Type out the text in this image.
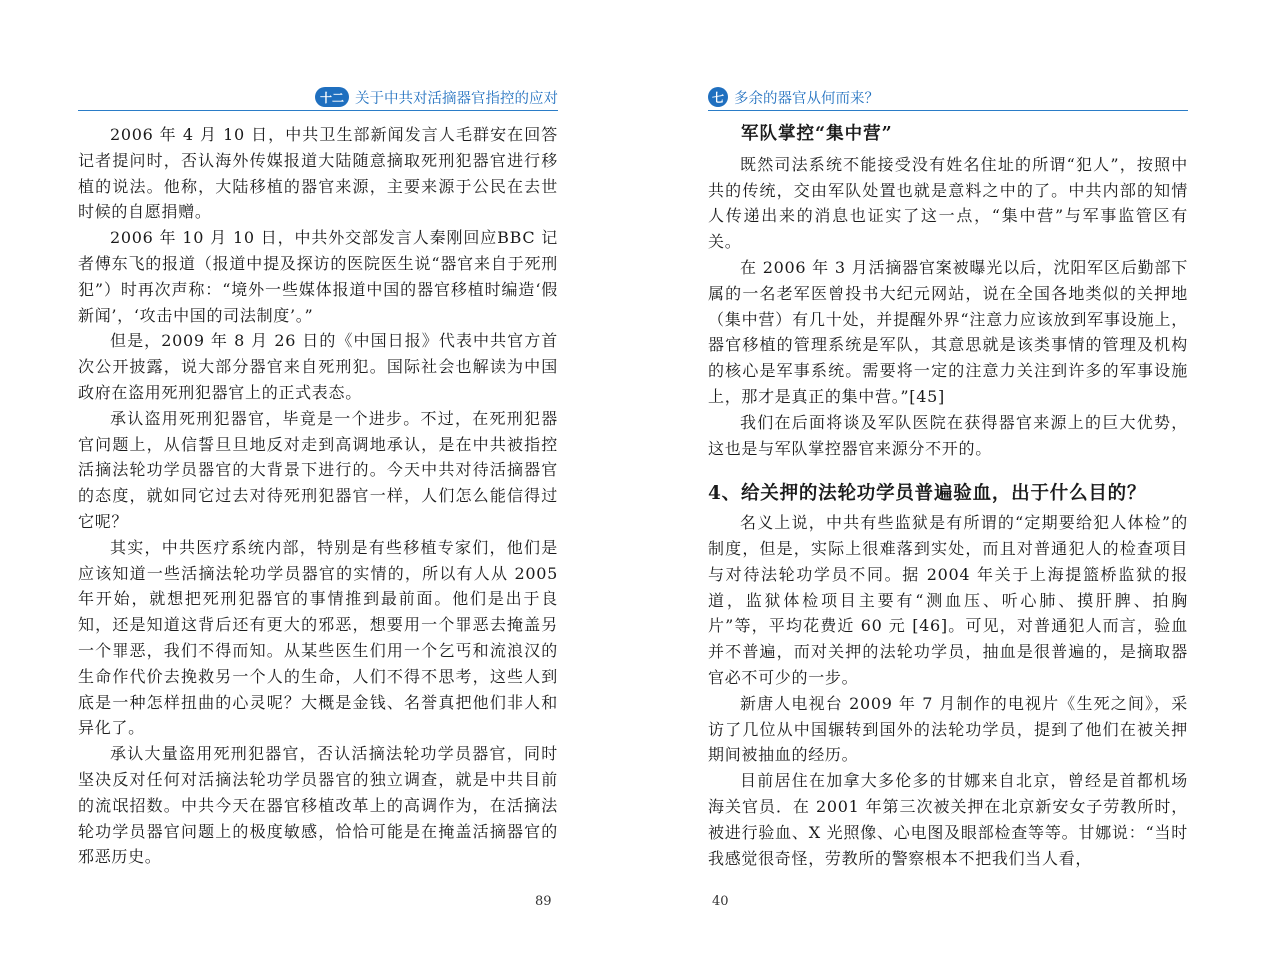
十二 关于中共对活摘器官指控的应对

2006 年 4 月 10 日，中共卫生部新闻发言人毛群安在回答记者提问时，否认海外传媒报道大陆随意摘取死刑犯器官进行移植的说法。他称，大陆移植的器官来源，主要来源于公民在去世时候的自愿捐赠。

2006 年 10 月 10 日，中共外交部发言人秦刚回应BBC 记者傅东飞的报道（报道中提及探访的医院医生说“器官来自于死刑犯”）时再次声称：“境外一些媒体报道中国的器官移植时编造‘假新闻’，‘攻击中国的司法制度’。”

但是，2009 年 8 月 26 日的《中国日报》代表中共官方首次公开披露，说大部分器官来自死刑犯。国际社会也解读为中国政府在盗用死刑犯器官上的正式表态。

承认盗用死刑犯器官，毕竟是一个进步。不过，在死刑犯器官问题上，从信誓旦旦地反对走到高调地承认，是在中共被指控活摘法轮功学员器官的大背景下进行的。今天中共对待活摘器官的态度，就如同它过去对待死刑犯器官一样，人们怎么能信得过它呢？

其实，中共医疗系统内部，特别是有些移植专家们，他们是应该知道一些活摘法轮功学员器官的实情的，所以有人从 2005 年开始，就想把死刑犯器官的事情推到最前面。他们是出于良知，还是知道这背后还有更大的邪恶，想要用一个罪恶去掩盖另一个罪恶，我们不得而知。从某些医生们用一个乞丐和流浪汉的生命作代价去挽救另一个人的生命，人们不得不思考，这些人到底是一种怎样扭曲的心灵呢？大概是金钱、名誉真把他们非人和异化了。

承认大量盗用死刑犯器官，否认活摘法轮功学员器官，同时坚决反对任何对活摘法轮功学员器官的独立调查，就是中共目前的流氓招数。中共今天在器官移植改革上的高调作为，在活摘法轮功学员器官问题上的极度敏感，恰恰可能是在掩盖活摘器官的邪恶历史。

89
七 多余的器官从何而来？
军队掌控“集中营”

既然司法系统不能接受没有姓名住址的所谓“犯人”，按照中共的传统，交由军队处置也就是意料之中的了。中共内部的知情人传递出来的消息也证实了这一点，“集中营”与军事监管区有关。

在 2006 年 3 月活摘器官案被曝光以后，沈阳军区后勤部下属的一名老军医曾投书大纪元网站，说在全国各地类似的关押地（集中营）有几十处，并提醒外界“注意力应该放到军事设施上，器官移植的管理系统是军队，其意思就是该类事情的管理及机构的核心是军事系统。需要将一定的注意力关注到许多的军事设施上，那才是真正的集中营。”[45]

我们在后面将谈及军队医院在获得器官来源上的巨大优势，这也是与军队掌控器官来源分不开的。

4、给关押的法轮功学员普遍验血，出于什么目的？

名义上说，中共有些监狱是有所谓的“定期要给犯人体检”的制度，但是，实际上很难落到实处，而且对普通犯人的检查项目与对待法轮功学员不同。据 2004 年关于上海提篮桥监狱的报道，监狱体检项目主要有“测血压、听心肺、摸肝脾、拍胸片”等，平均花费近 60 元 [46]。可见，对普通犯人而言，验血并不普遍，而对关押的法轮功学员，抽血是很普遍的，是摘取器官必不可少的一步。

新唐人电视台 2009 年 7 月制作的电视片《生死之间》，采访了几位从中国辗转到国外的法轮功学员，提到了他们在被关押期间被抽血的经历。

目前居住在加拿大多伦多的甘娜来自北京，曾经是首都机场海关官员．在 2001 年第三次被关押在北京新安女子劳教所时，被进行验血、X 光照像、心电图及眼部检查等等。甘娜说：“当时我感觉很奇怪，劳教所的警察根本不把我们当人看，

40
